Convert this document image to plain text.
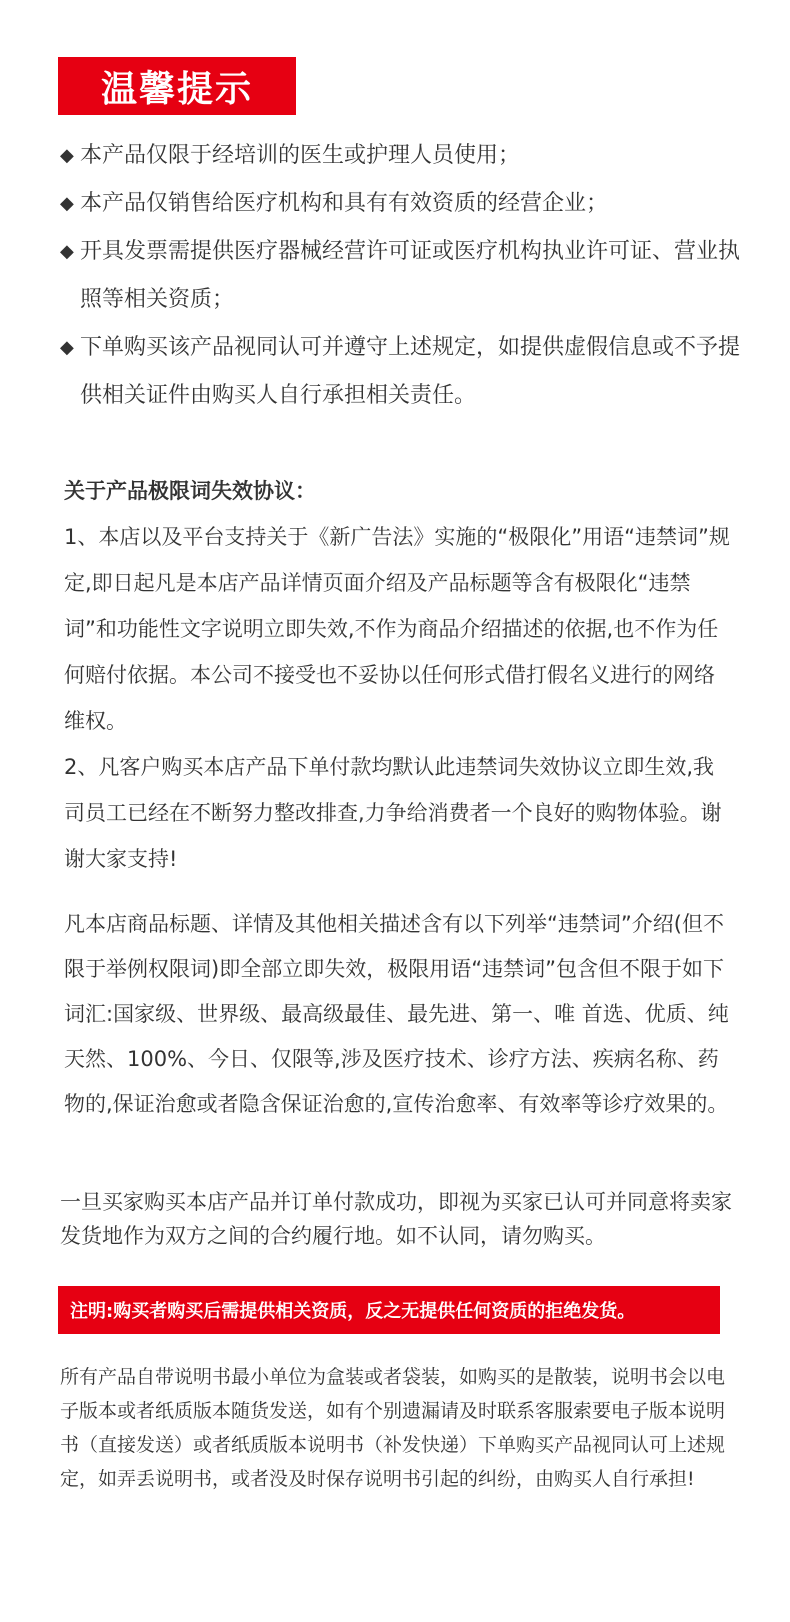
温馨提示
◆ 本产品仅限于经培训的医生或护理人员使用；
◆ 本产品仅销售给医疗机构和具有有效资质的经营企业；
◆ 开具发票需提供医疗器械经营许可证或医疗机构执业许可证、营业执照等相关资质；
◆ 下单购买该产品视同认可并遵守上述规定，如提供虚假信息或不予提供相关证件由购买人自行承担相关责任。

关于产品极限词失效协议：

1、本店以及平台支持关于《新广告法》实施的“极限化”用语“违禁词”规定,即日起凡是本店产品详情页面介绍及产品标题等含有极限化“违禁词”和功能性文字说明立即失效,不作为商品介绍描述的依据,也不作为任何赔付依据。本公司不接受也不妥协以任何形式借打假名义进行的网络维权。

2、凡客户购买本店产品下单付款均默认此违禁词失效协议立即生效,我司员工已经在不断努力整改排查,力争给消费者一个良好的购物体验。谢谢大家支持!

凡本店商品标题、详情及其他相关描述含有以下列举“违禁词”介绍(但不限于举例权限词)即全部立即失效，极限用语“违禁词”包含但不限于如下词汇:国家级、世界级、最高级最佳、最先进、第一、唯 首选、优质、纯天然、100%、今日、仅限等,涉及医疗技术、诊疗方法、疾病名称、药物的,保证治愈或者隐含保证治愈的,宣传治愈率、有效率等诊疗效果的。

一旦买家购买本店产品并订单付款成功，即视为买家已认可并同意将卖家发货地作为双方之间的合约履行地。如不认同，请勿购买。

注明:购买者购买后需提供相关资质，反之无提供任何资质的拒绝发货。

所有产品自带说明书最小单位为盒装或者袋装，如购买的是散装，说明书会以电子版本或者纸质版本随货发送，如有个别遗漏请及时联系客服索要电子版本说明书（直接发送）或者纸质版本说明书（补发快递）下单购买产品视同认可上述规定，如弄丢说明书，或者没及时保存说明书引起的纠纷，由购买人自行承担!
